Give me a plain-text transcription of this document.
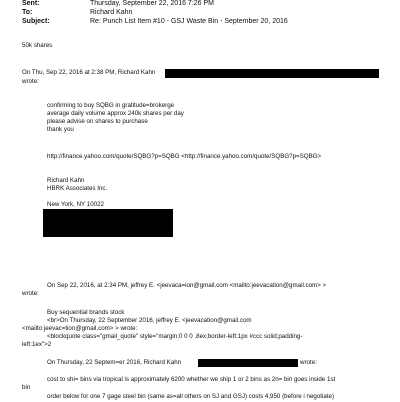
Sent:	Thursday, September 22, 2016 7:26 PM
To:	Richard Kahn
Subject:	Re: Punch List Item #10 - GSJ Waste Bin - September 20, 2016
50k shares
On Thu, Sep 22, 2016 at 2:38 PM, Richard Kahn
wrote:
confirming to buy SQBG in gratitude=brokerge
average daily volume approx 240k shares per day
please advise on shares to purchase
thank you
http://finance.yahoo.com/quote/SQBG?p=SQBG <http://finance.yahoo.com/quote/SQBG?p=SQBG>
Richard Kahn
HBRK Associates Inc.
New York, NY 10022
On Sep 22, 2016, at 2:34 PM, jeffrey E. <jeevaca=ion@gmail.com <mailto:jeevacation@gmail.com> >
wrote:
Buy sequential brands stock
<br>On Thursday, 22 September 2016, jeffrey E. <jeevacation@gmail.com
<mailto:jeevac=tion@gmail.com> > wrote:
<blockquote class="gmail_quote" style="margin:0 0 0 .8ex;border-left:1px #ccc solid;padding-
left:1ex">2
On Thursday, 22 Septem=er 2016, Richard Kahn	wrote:
cost to shi= bins via tropical is approximately 6200 whether we ship 1 or 2 bins as 2n= bin goes inside 1st
bin
order below for one 7 gage steel bin (same as=all others on SJ and GSJ) costs 4,950 (before i negotiate)
